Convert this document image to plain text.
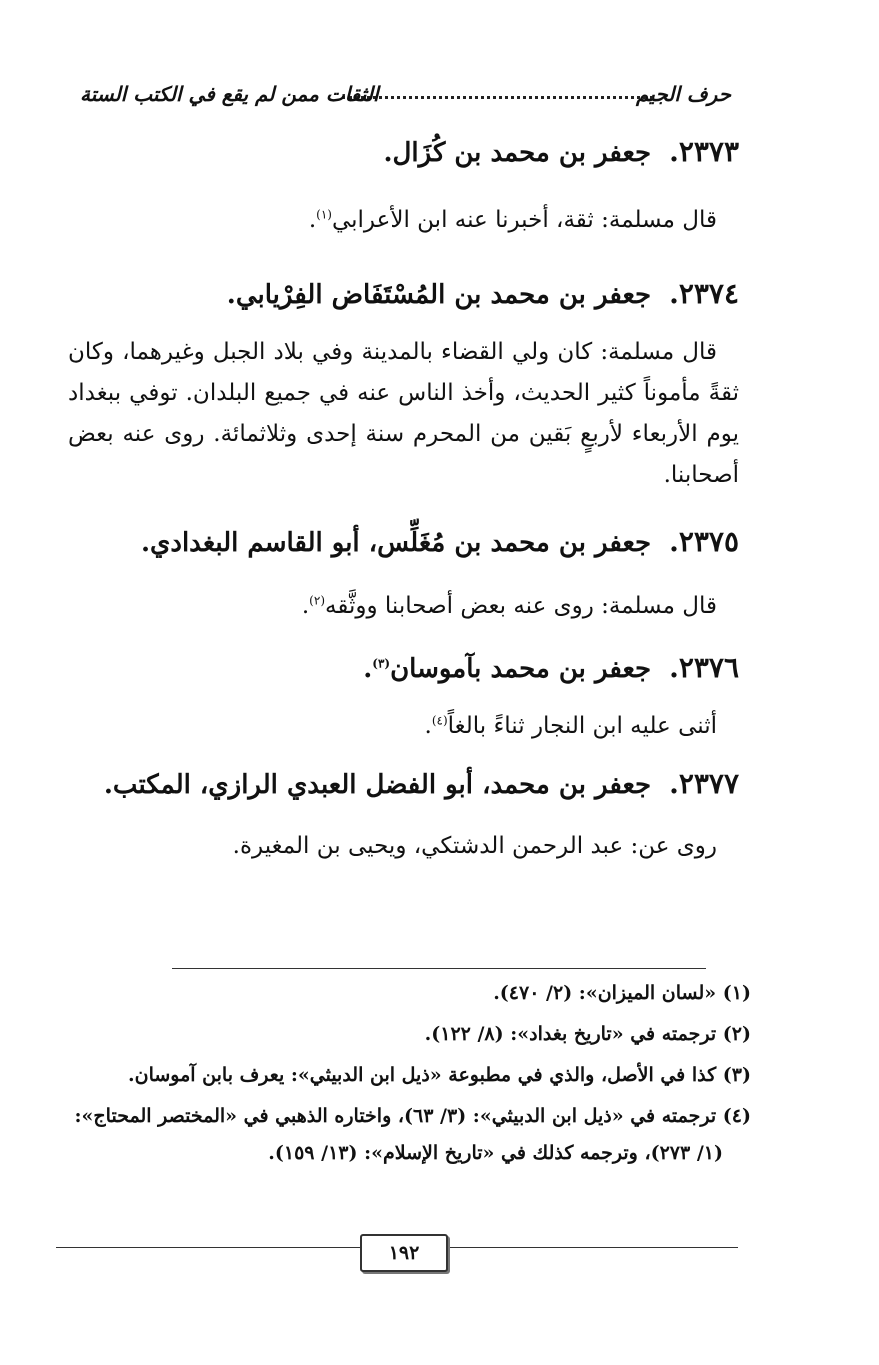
حرف الجيم
الثقات ممن لم يقع في الكتب الستة
٢٣٧٣.
جعفر بن محمد بن كُزَال.

قال مسلمة: ثقة، أخبرنا عنه ابن الأعرابي$^{(١)}$.

٢٣٧٤.
جعفر بن محمد بن المُسْتَفَاض الفِرْيابي.

قال مسلمة: كان ولي القضاء بالمدينة وفي بلاد الجبل وغيرهما، وكان ثقةً مأموناً كثير الحديث، وأخذ الناس عنه في جميع البلدان. توفي ببغداد يوم الأربعاء لأربعٍ بَقين من المحرم سنة إحدى وثلاثمائة. روى عنه بعض أصحابنا.

٢٣٧٥.
جعفر بن محمد بن مُغَلِّس، أبو القاسم البغدادي.

قال مسلمة: روى عنه بعض أصحابنا ووثَّقه$^{(٢)}$.

٢٣٧٦.
جعفر بن محمد بآموسان$^{(٣)}$.

أثنى عليه ابن النجار ثناءً بالغاً$^{(٤)}$.

٢٣٧٧.
جعفر بن محمد، أبو الفضل العبدي الرازي، المكتب.

روى عن: عبد الرحمن الدشتكي، ويحيى بن المغيرة.

(١) «لسان الميزان»: (٢/ ٤٧٠).

(٢) ترجمته في «تاريخ بغداد»: (٨/ ١٢٢).

(٣) كذا في الأصل، والذي في مطبوعة «ذيل ابن الدبيثي»: يعرف بابن آموسان.

(٤) ترجمته في «ذيل ابن الدبيثي»: (٣/ ٦٣)، واختاره الذهبي في «المختصر المحتاج»:
(١/ ٢٧٣)، وترجمه كذلك في «تاريخ الإسلام»: (١٣/ ١٥٩).

١٩٢
